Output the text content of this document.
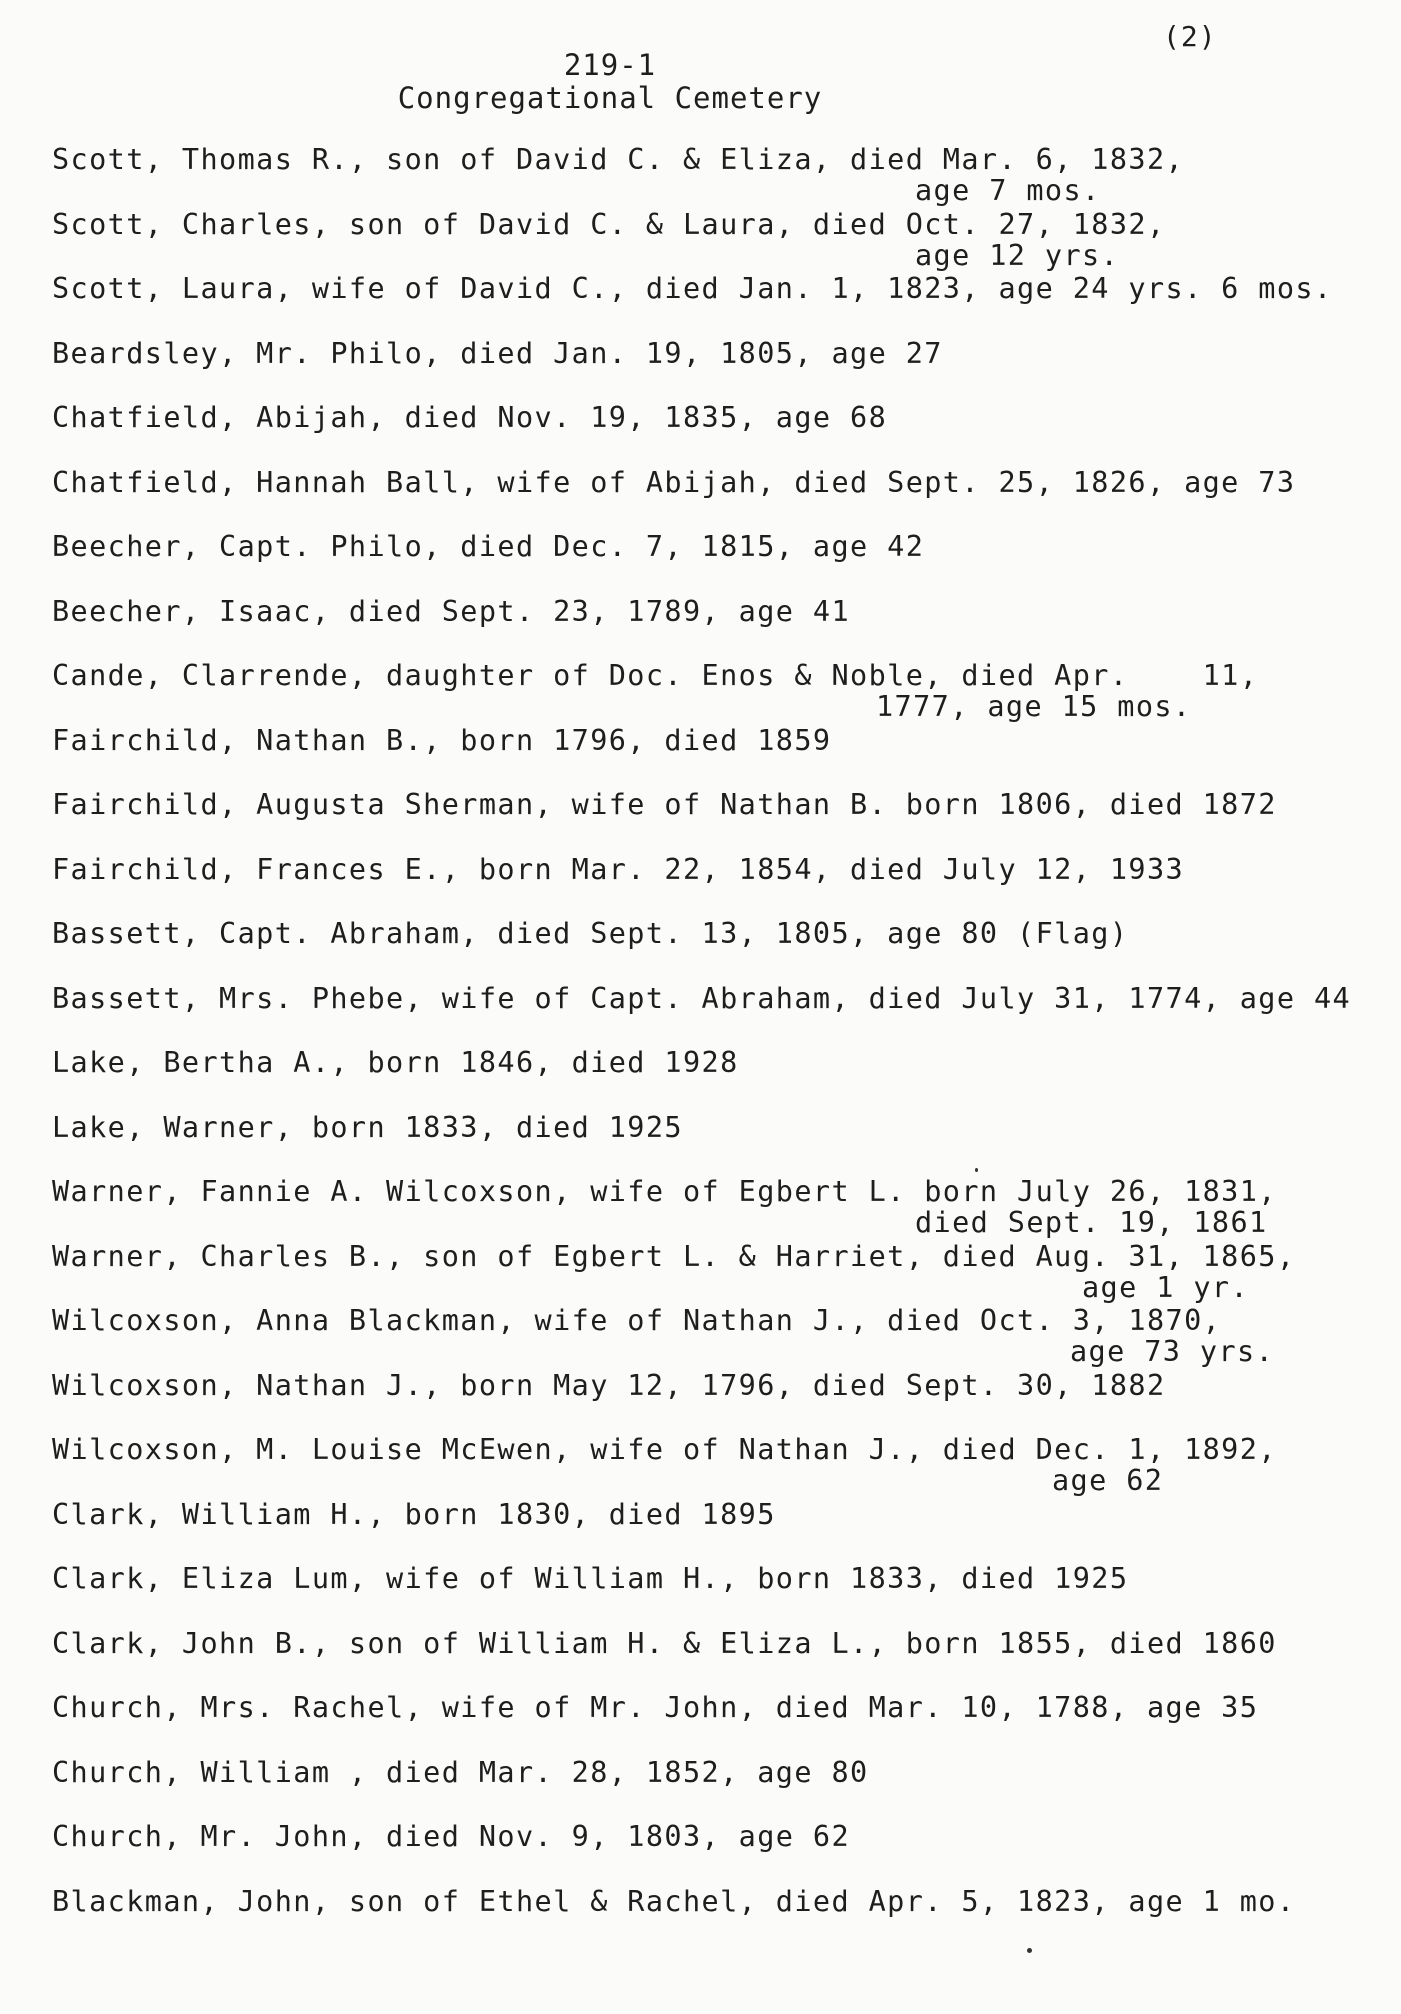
(2)
219-1
Congregational Cemetery
Scott, Thomas R., son of David C. & Eliza, died Mar. 6, 1832,
age 7 mos.
Scott, Charles, son of David C. & Laura, died Oct. 27, 1832,
age 12 yrs.
Scott, Laura, wife of David C., died Jan. 1, 1823, age 24 yrs. 6 mos.
Beardsley, Mr. Philo, died Jan. 19, 1805, age 27
Chatfield, Abijah, died Nov. 19, 1835, age 68
Chatfield, Hannah Ball, wife of Abijah, died Sept. 25, 1826, age 73
Beecher, Capt. Philo, died Dec. 7, 1815, age 42
Beecher, Isaac, died Sept. 23, 1789, age 41
Cande, Clarrende, daughter of Doc. Enos & Noble, died Apr.    11,
1777, age 15 mos.
Fairchild, Nathan B., born 1796, died 1859
Fairchild, Augusta Sherman, wife of Nathan B. born 1806, died 1872
Fairchild, Frances E., born Mar. 22, 1854, died July 12, 1933
Bassett, Capt. Abraham, died Sept. 13, 1805, age 80 (Flag)
Bassett, Mrs. Phebe, wife of Capt. Abraham, died July 31, 1774, age 44
Lake, Bertha A., born 1846, died 1928
Lake, Warner, born 1833, died 1925
Warner, Fannie A. Wilcoxson, wife of Egbert L. born July 26, 1831,
died Sept. 19, 1861
Warner, Charles B., son of Egbert L. & Harriet, died Aug. 31, 1865,
age 1 yr.
Wilcoxson, Anna Blackman, wife of Nathan J., died Oct. 3, 1870,
age 73 yrs.
Wilcoxson, Nathan J., born May 12, 1796, died Sept. 30, 1882
Wilcoxson, M. Louise McEwen, wife of Nathan J., died Dec. 1, 1892,
age 62
Clark, William H., born 1830, died 1895
Clark, Eliza Lum, wife of William H., born 1833, died 1925
Clark, John B., son of William H. & Eliza L., born 1855, died 1860
Church, Mrs. Rachel, wife of Mr. John, died Mar. 10, 1788, age 35
Church, William , died Mar. 28, 1852, age 80
Church, Mr. John, died Nov. 9, 1803, age 62
Blackman, John, son of Ethel & Rachel, died Apr. 5, 1823, age 1 mo.
